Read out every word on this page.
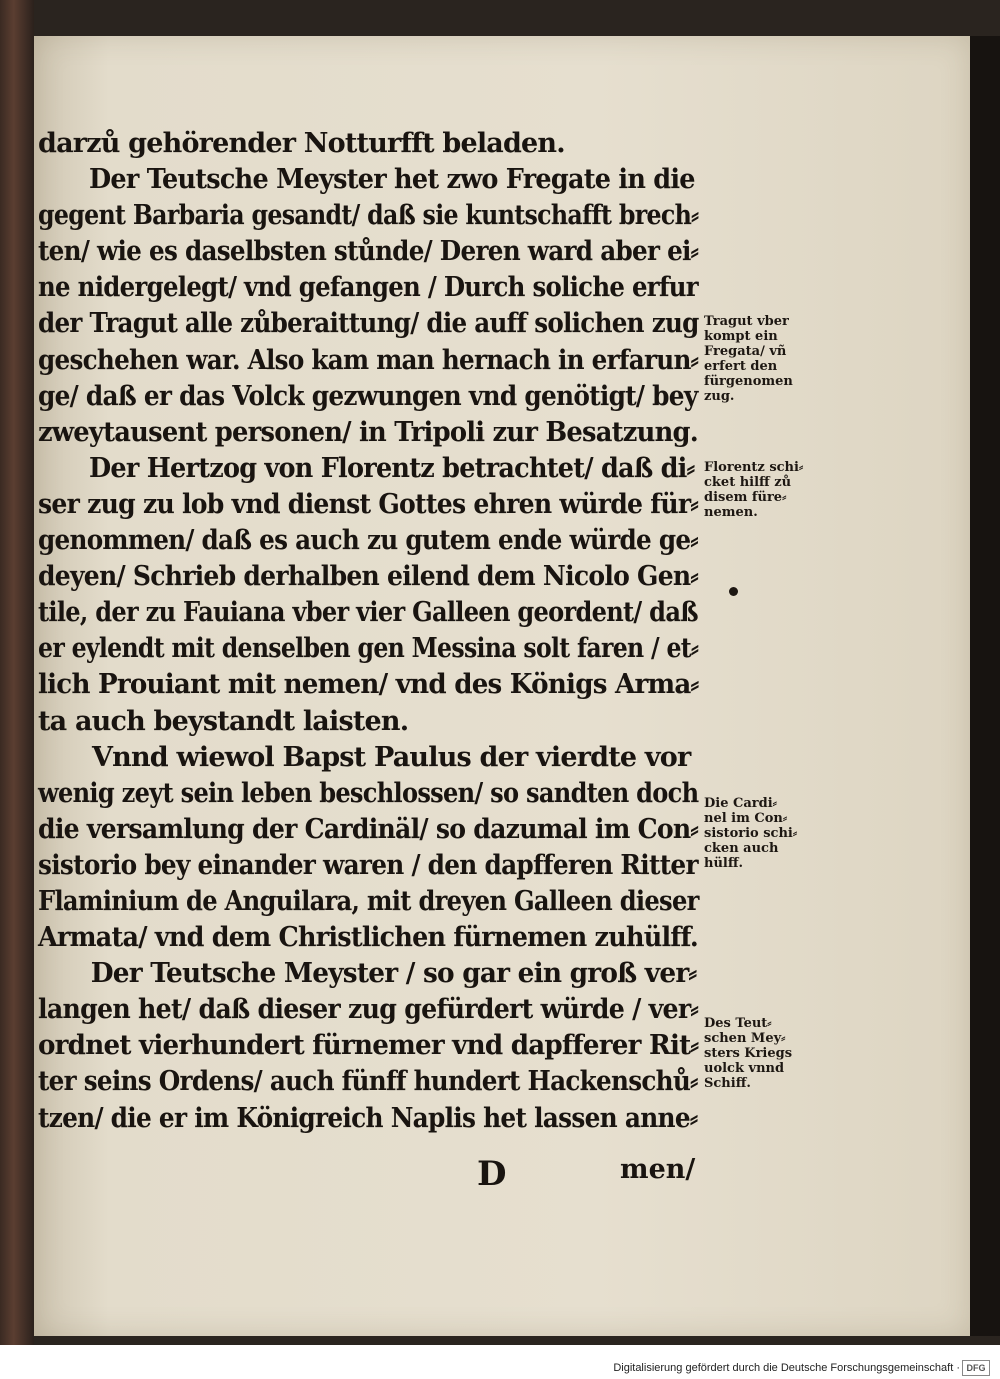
darzů gehörender Notturfft beladen.
Der Teutsche Meyster het zwo Fregate in die
gegent Barbaria gesandt/ daß sie kuntschafft brech⸗
ten/ wie es daselbsten stůnde/ Deren ward aber ei⸗
ne nidergelegt/ vnd gefangen / Durch soliche erfur
der Tragut alle zůberaittung/ die auff solichen zug
geschehen war. Also kam man hernach in erfarun⸗
ge/ daß er das Volck gezwungen vnd genötigt/ bey
zweytausent personen/ in Tripoli zur Besatzung.
Der Hertzog von Florentz betrachtet/ daß di⸗
ser zug zu lob vnd dienst Gottes ehren würde für⸗
genommen/ daß es auch zu gutem ende würde ge⸗
deyen/ Schrieb derhalben eilend dem Nicolo Gen⸗
tile, der zu Fauiana vber vier Galleen geordent/ daß
er eylendt mit denselben gen Messina solt faren / et⸗
lich Prouiant mit nemen/ vnd des Königs Arma⸗
ta auch beystandt laisten.
Vnnd wiewol Bapst Paulus der vierdte vor
wenig zeyt sein leben beschlossen/ so sandten doch
die versamlung der Cardinäl/ so dazumal im Con⸗
sistorio bey einander waren / den dapfferen Ritter
Flaminium de Anguilara, mit dreyen Galleen dieser
Armata/ vnd dem Christlichen fürnemen zuhülff.
Der Teutsche Meyster / so gar ein groß ver⸗
langen het/ daß dieser zug gefürdert würde / ver⸗
ordnet vierhundert fürnemer vnd dapfferer Rit⸗
ter seins Ordens/ auch fünff hundert Hackenschů⸗
tzen/ die er im Königreich Naplis het lassen anne⸗
Tragut vber
kompt ein
Fregata/ vñ
erfert den
fürgenomen
zug.
Florentz schi⸗
cket hilff zů
disem füre⸗
nemen.
Die Cardi⸗
nel im Con⸗
sistorio schi⸗
cken auch
hülff.
Des Teut⸗
schen Mey⸗
sters Kriegs
uolck vnnd
Schiff.
D	men/
Digitalisierung gefördert durch die Deutsche Forschungsgemeinschaft · DFG
